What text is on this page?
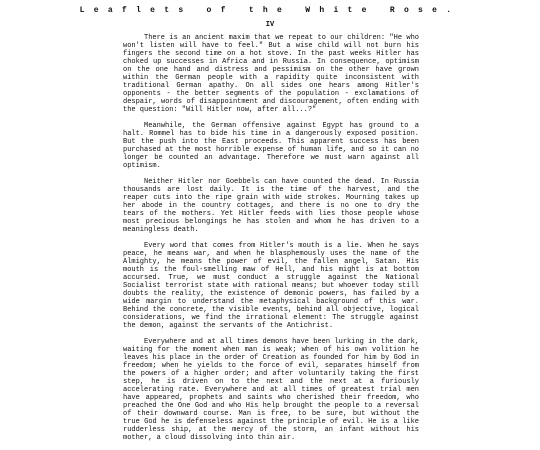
Leaflets of the White Rose.
IV

There is an ancient maxim that we repeat to our children: "He who won't listen will have to feel." But a wise child will not burn his fingers the second time on a hot stove. In the past weeks Hitler has choked up successes in Africa and in Russia. In consequence, optimism on the one hand and distress and pessimism on the other have grown within the German people with a rapidity quite inconsistent with traditional German apathy. On all sides one hears among Hitler's opponents - the better segments of the population - exclamations of despair, words of disappointment and discouragement, often ending with the question: "Will Hitler now, after all...?"

Meanwhile, the German offensive against Egypt has ground to a halt. Rommel has to bide his time in a dangerously exposed position. But the push into the East proceeds. This apparent success has been purchased at the most horrible expense of human life, and so it can no longer be counted an advantage. Therefore we must warn against all optimism.

Neither Hitler nor Goebbels can have counted the dead. In Russia thousands are lost daily. It is the time of the harvest, and the reaper cuts into the ripe grain with wide strokes. Mourning takes up her abode in the country cottages, and there is no one to dry the tears of the mothers. Yet Hitler feeds with lies those people whose most precious belongings he has stolen and whom he has driven to a meaningless death.

Every word that comes from Hitler's mouth is a lie. When he says peace, he means war, and when he blasphemously uses the name of the Almighty, he means the power of evil, the fallen angel, Satan. His mouth is the foul-smelling maw of Hell, and his might is at bottom accursed. True, we must conduct a struggle against the National Socialist terrorist state with rational means; but whoever today still doubts the reality, the existence of demonic powers, has failed by a wide margin to understand the metaphysical background of this war. Behind the concrete, the visible events, behind all objective, logical considerations, we find the irrational element: The struggle against the demon, against the servants of the Antichrist.

Everywhere and at all times demons have been lurking in the dark, waiting for the moment when man is weak; when of his own volition he leaves his place in the order of Creation as founded for him by God in freedom; when he yields to the force of evil, separates himself from the powers of a higher order; and after voluntarily taking the first step, he is driven on to the next and the next at a furiously accelerating rate. Everywhere and at all times of greatest trial men have appeared, prophets and saints who cherished their freedom, who preached the One God and who His help brought the people to a reversal of their downward course. Man is free, to be sure, but without the true God he is defenseless against the principle of evil. He is a like rudderless ship, at the mercy of the storm, an infant without his mother, a cloud dissolving into thin air.
